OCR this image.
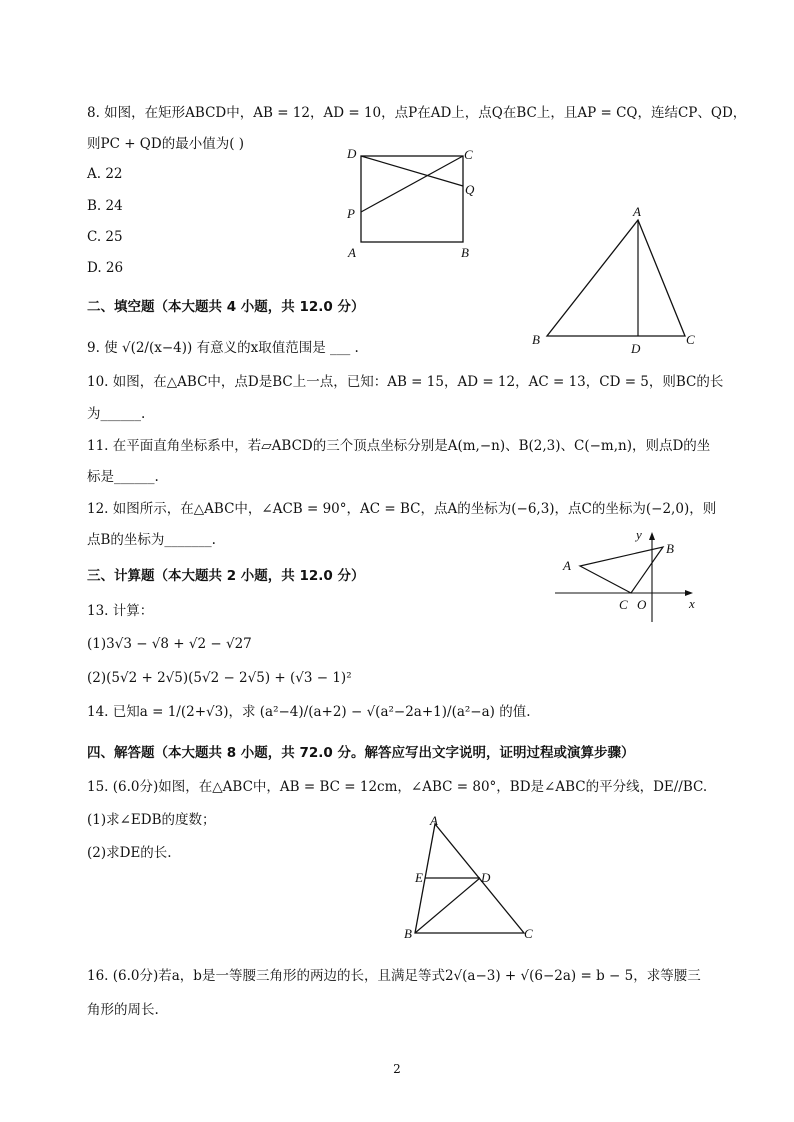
8. 如图，在矩形ABCD中，AB = 12，AD = 10，点P在AD上，点Q在BC上，且AP = CQ，连结CP、QD，
则PC + QD的最小值为( )
A. 22
B. 24
C. 25
D. 26
D	C
Q
P
A	B
二、填空题（本大题共 4 小题，共 12.0 分）
9. 使 √(2/(x−4)) 有意义的x取值范围是 ___ .
A
B
D
C
10. 如图，在△ABC中，点D是BC上一点，已知：AB = 15，AD = 12，AC = 13，CD = 5，则BC的长
为______.
11. 在平面直角坐标系中，若▱ABCD的三个顶点坐标分别是A(m,−n)、B(2,3)、C(−m,n)，则点D的坐
标是______.
12. 如图所示，在△ABC中，∠ACB = 90°，AC = BC，点A的坐标为(−6,3)，点C的坐标为(−2,0)，则
点B的坐标为_______.	y
B
A
C O	x
三、计算题（本大题共 2 小题，共 12.0 分）
13. 计算：
(1)3√3 − √8 + √2 − √27
(2)(5√2 + 2√5)(5√2 − 2√5) + (√3 − 1)²
14. 已知a = 1/(2+√3)，求 (a²−4)/(a+2) − √(a²−2a+1)/(a²−a) 的值.
四、解答题（本大题共 8 小题，共 72.0 分。解答应写出文字说明，证明过程或演算步骤）
15. (6.0分)如图，在△ABC中，AB = BC = 12cm，∠ABC = 80°，BD是∠ABC的平分线，DE//BC.
(1)求∠EDB的度数；
(2)求DE的长.
A
E	D
B	C
16. (6.0分)若a，b是一等腰三角形的两边的长，且满足等式2√(a−3) + √(6−2a) = b − 5，求等腰三
角形的周长.
2
